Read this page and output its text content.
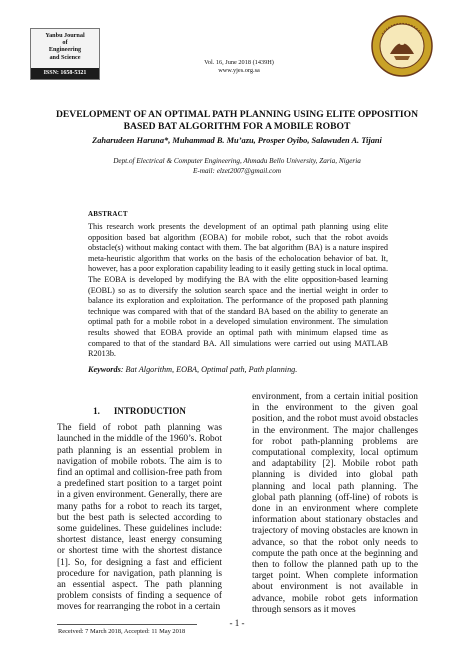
Yanbu Journal
of
Engineering
and Science
ISSN: 1658-5321
Vol. 16, June 2018 (1439H)
www.yjes.org.sa
DEVELOPMENT OF AN OPTIMAL PATH PLANNING USING ELITE OPPOSITION
BASED BAT ALGORITHM FOR A MOBILE ROBOT
Zaharudeen Haruna*, Muhammad B. Mu’azu, Prosper Oyibo, Salawuden A. Tijani
Dept.of Electrical & Computer Engineering, Ahmadu Bello University, Zaria, Nigeria
E-mail: elzet2007@gmail.com
ABSTRACT
This research work presents the development of an optimal path planning using elite opposition based bat algorithm (EOBA) for mobile robot, such that the robot avoids obstacle(s) without making contact with them. The bat algorithm (BA) is a nature inspired meta-heuristic algorithm that works on the basis of the echolocation behavior of bat. It, however, has a poor exploration capability leading to it easily getting stuck in local optima. The EOBA is developed by modifying the BA with the elite opposition-based learning (EOBL) so as to diversify the solution search space and the inertial weight in order to balance its exploration and exploitation. The performance of the proposed path planning technique was compared with that of the standard BA based on the ability to generate an optimal path for a mobile robot in a developed simulation environment. The simulation results showed that EOBA provide an optimal path with minimum elapsed time as compared to that of the standard BA. All simulations were carried out using MATLAB R2013b.
Keywords: Bat Algorithm, EOBA, Optimal path, Path planning.
1. INTRODUCTION

The field of robot path planning was launched in the middle of the 1960’s. Robot path planning is an essential problem in navigation of mobile robots. The aim is to find an optimal and collision-free path from a predefined start position to a target point in a given environment. Generally, there are many paths for a robot to reach its target, but the best path is selected according to some guidelines. These guidelines include: shortest distance, least energy consuming or shortest time with the shortest distance [1]. So, for designing a fast and efficient procedure for navigation, path planning is an essential aspect. The path planning problem consists of finding a sequence of moves for rearranging the robot in a certain

environment, from a certain initial position in the environment to the given goal position, and the robot must avoid obstacles in the environment. The major challenges for robot path-planning problems are computational complexity, local optimum and adaptability [2]. Mobile robot path planning is divided into global path planning and local path planning. The global path planning (off-line) of robots is done in an environment where complete information about stationary obstacles and trajectory of moving obstacles are known in advance, so that the robot only needs to compute the path once at the beginning and then to follow the planned path up to the target point. When complete information about environment is not available in advance, mobile robot gets information through sensors as it moves

Received: 7 March 2018, Accepted: 11 May 2018
- 1 -
